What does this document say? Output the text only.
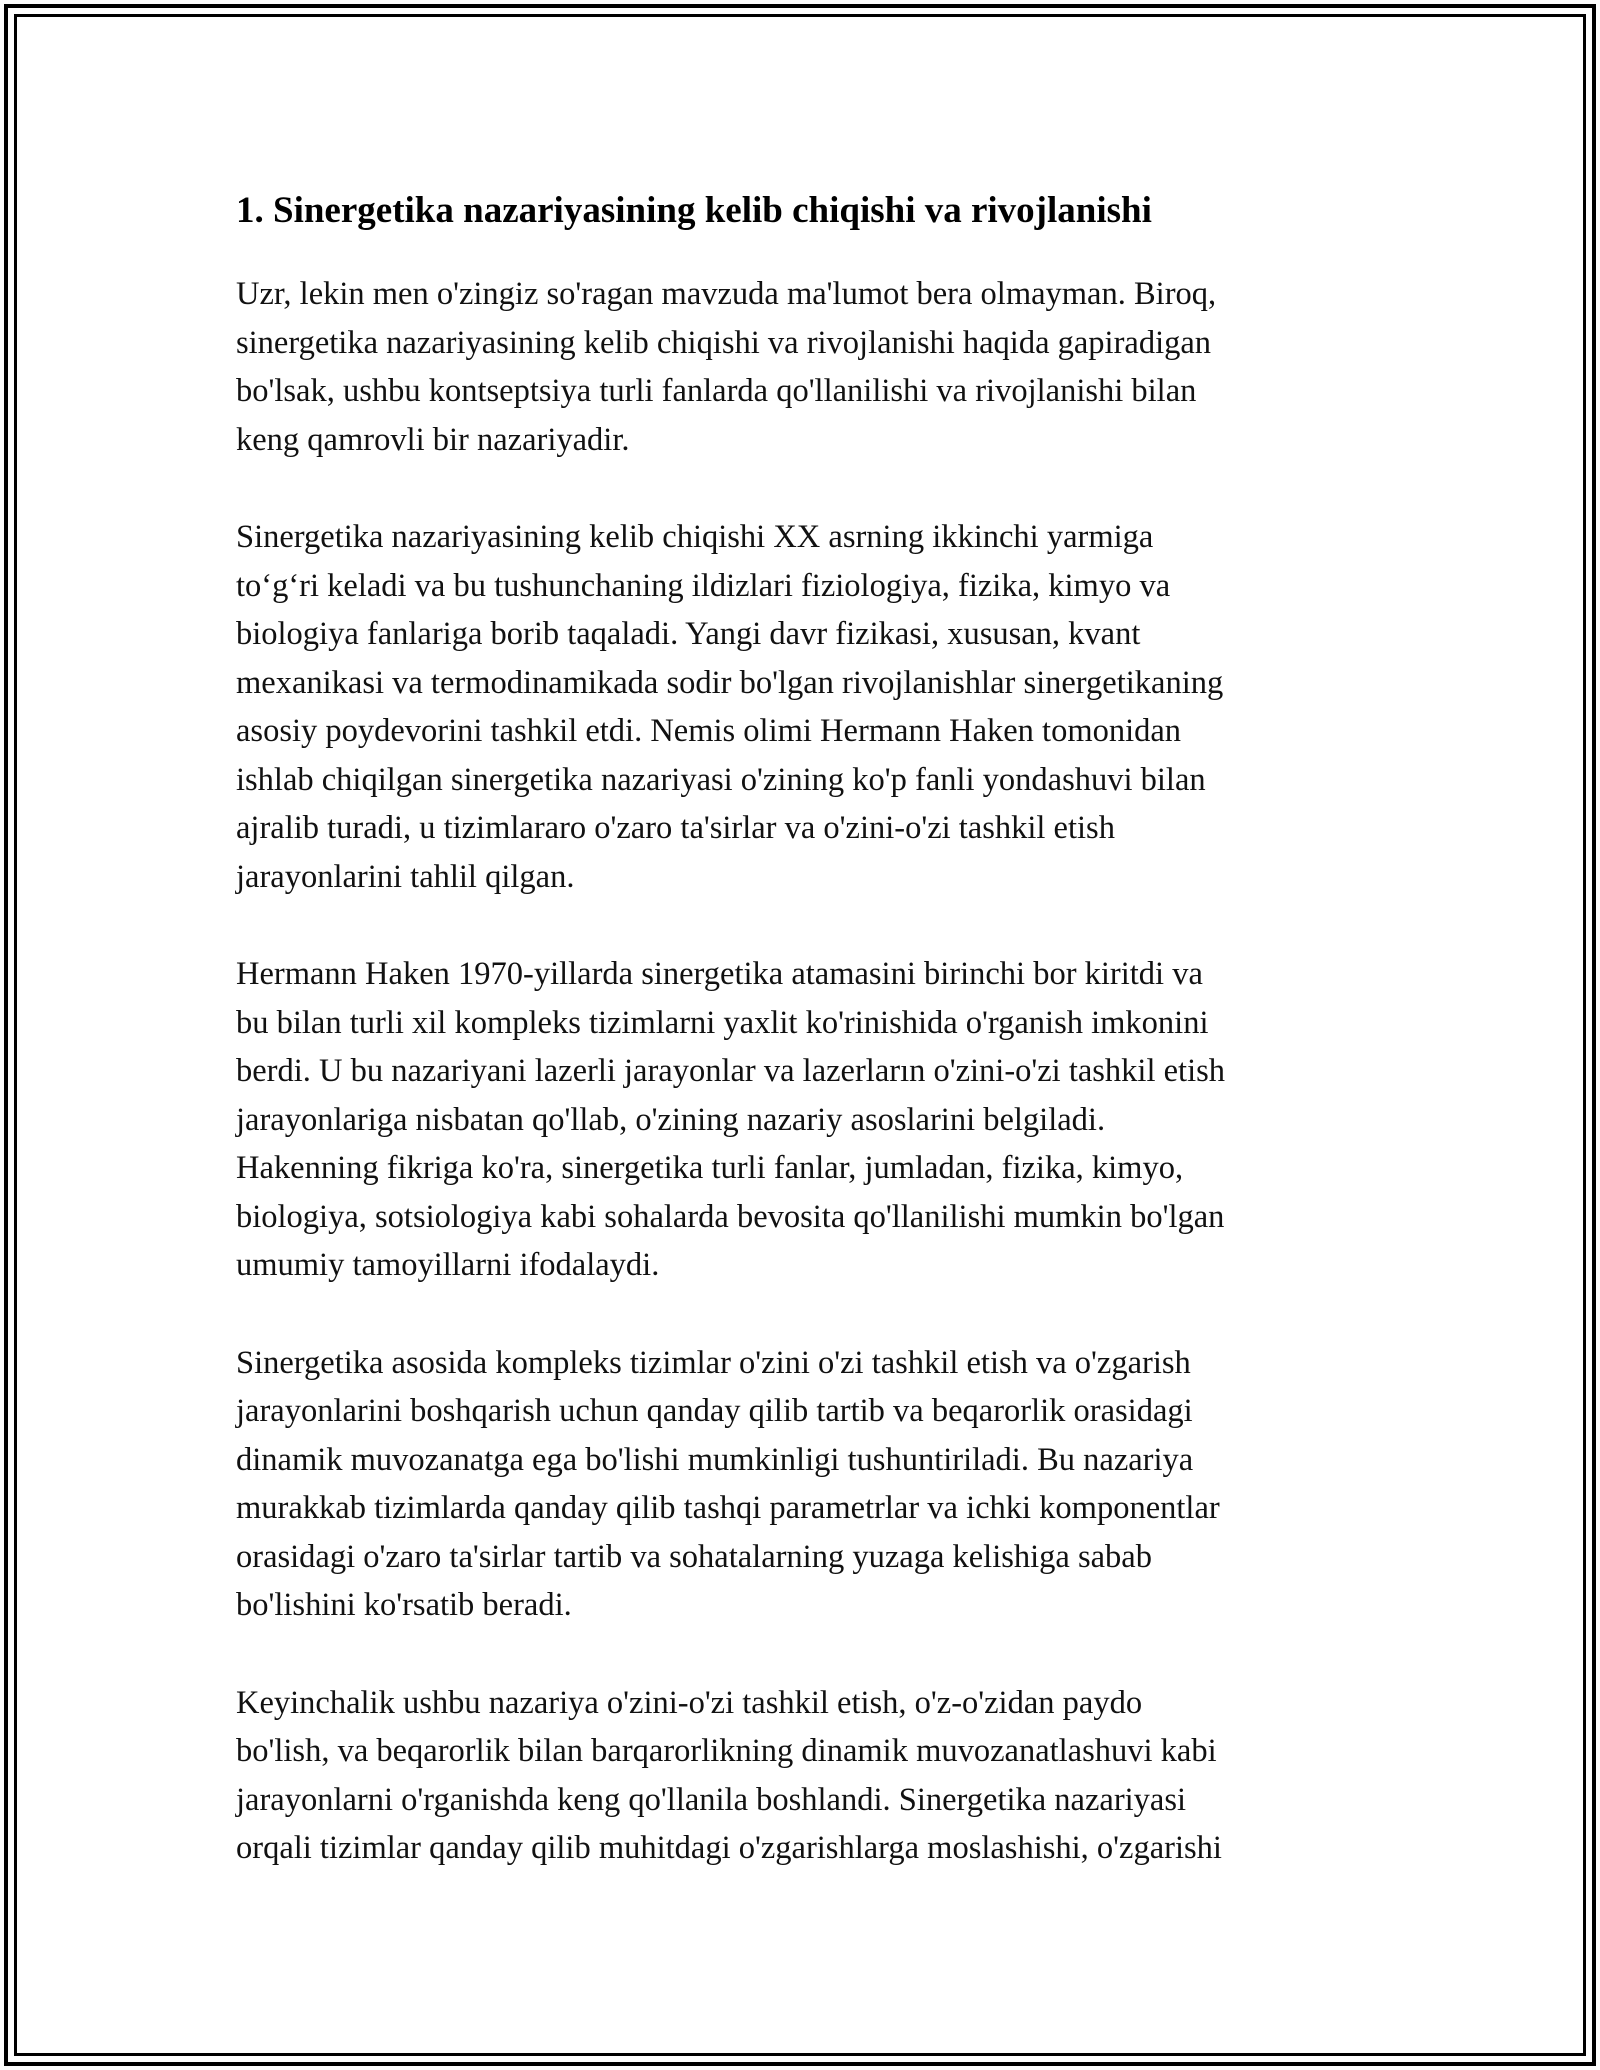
1. Sinergetika nazariyasining kelib chiqishi va rivojlanishi

Uzr, lekin men o'zingiz so'ragan mavzuda ma'lumot bera olmayman. Biroq,
sinergetika nazariyasining kelib chiqishi va rivojlanishi haqida gapiradigan
bo'lsak, ushbu kontseptsiya turli fanlarda qo'llanilishi va rivojlanishi bilan
keng qamrovli bir nazariyadir.

Sinergetika nazariyasining kelib chiqishi XX asrning ikkinchi yarmiga
to‘g‘ri keladi va bu tushunchaning ildizlari fiziologiya, fizika, kimyo va
biologiya fanlariga borib taqaladi. Yangi davr fizikasi, xususan, kvant
mexanikasi va termodinamikada sodir bo'lgan rivojlanishlar sinergetikaning
asosiy poydevorini tashkil etdi. Nemis olimi Hermann Haken tomonidan
ishlab chiqilgan sinergetika nazariyasi o'zining ko'p fanli yondashuvi bilan
ajralib turadi, u tizimlararo o'zaro ta'sirlar va o'zini-o'zi tashkil etish
jarayonlarini tahlil qilgan.

Hermann Haken 1970-yillarda sinergetika atamasini birinchi bor kiritdi va
bu bilan turli xil kompleks tizimlarni yaxlit ko'rinishida o'rganish imkonini
berdi. U bu nazariyani lazerli jarayonlar va lazerların o'zini-o'zi tashkil etish
jarayonlariga nisbatan qo'llab, o'zining nazariy asoslarini belgiladi.
Hakenning fikriga ko'ra, sinergetika turli fanlar, jumladan, fizika, kimyo,
biologiya, sotsiologiya kabi sohalarda bevosita qo'llanilishi mumkin bo'lgan
umumiy tamoyillarni ifodalaydi.

Sinergetika asosida kompleks tizimlar o'zini o'zi tashkil etish va o'zgarish
jarayonlarini boshqarish uchun qanday qilib tartib va beqarorlik orasidagi
dinamik muvozanatga ega bo'lishi mumkinligi tushuntiriladi. Bu nazariya
murakkab tizimlarda qanday qilib tashqi parametrlar va ichki komponentlar
orasidagi o'zaro ta'sirlar tartib va sohatalarning yuzaga kelishiga sabab
bo'lishini ko'rsatib beradi.

Keyinchalik ushbu nazariya o'zini-o'zi tashkil etish, o'z-o'zidan paydo
bo'lish, va beqarorlik bilan barqarorlikning dinamik muvozanatlashuvi kabi
jarayonlarni o'rganishda keng qo'llanila boshlandi. Sinergetika nazariyasi
orqali tizimlar qanday qilib muhitdagi o'zgarishlarga moslashishi, o'zgarishi
